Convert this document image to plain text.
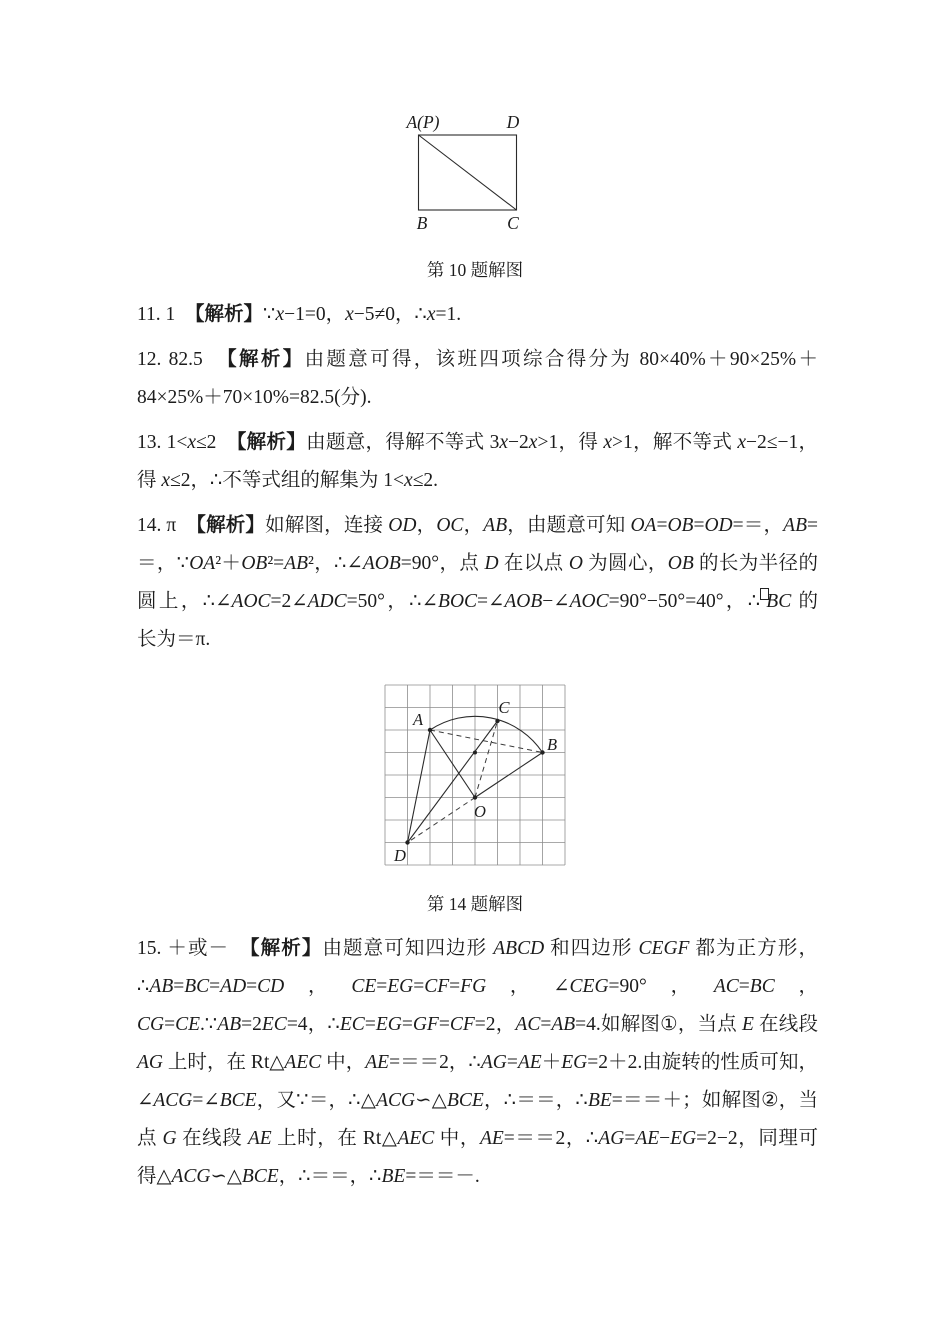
A(P)	D
B	C
第 10 题解图

11. 1　【解析】∵x−1=0，x−5≠0，∴x=1.

12. 82.5　【解析】由题意可得，该班四项综合得分为 80×40%＋90×25%＋84×25%＋70×10%=82.5(分).

13. 1<x≤2　【解析】由题意，得解不等式 3x−2x>1，得 x>1，解不等式 x−2≤−1，得 x≤2，∴不等式组的解集为 1<x≤2.

14. π　【解析】如解图，连接 OD，OC，AB，由题意可知 OA=OB=OD=＝，AB=＝，∵OA²＋OB²=AB²，∴∠AOB=90°，点 D 在以点 O 为圆心，OB 的长为半径的圆上，∴∠AOC=2∠ADC=50°，∴∠BOC=∠AOB−∠AOC=90°−50°=40°，∴ BC 的长为＝π.

A
C
B
O
D
第 14 题解图

15. ＋或－　【解析】由题意可知四边形 ABCD 和四边形 CEGF 都为正方形，∴AB=BC=AD=CD，CE=EG=CF=FG，∠CEG=90°，AC=BC，CG=CE.∵AB=2EC=4，∴EC=EG=GF=CF=2，AC=AB=4.如解图①，当点 E 在线段 AG 上时，在 Rt△AEC 中，AE=＝＝2，∴AG=AE＋EG=2＋2.由旋转的性质可知，∠ACG=∠BCE，又∵＝，∴△ACG∽△BCE，∴＝＝，∴BE=＝＝＋；如解图②，当点 G 在线段 AE 上时，在 Rt△AEC 中，AE=＝＝2，∴AG=AE−EG=2−2，同理可得△ACG∽△BCE，∴＝＝，∴BE=＝＝－.
